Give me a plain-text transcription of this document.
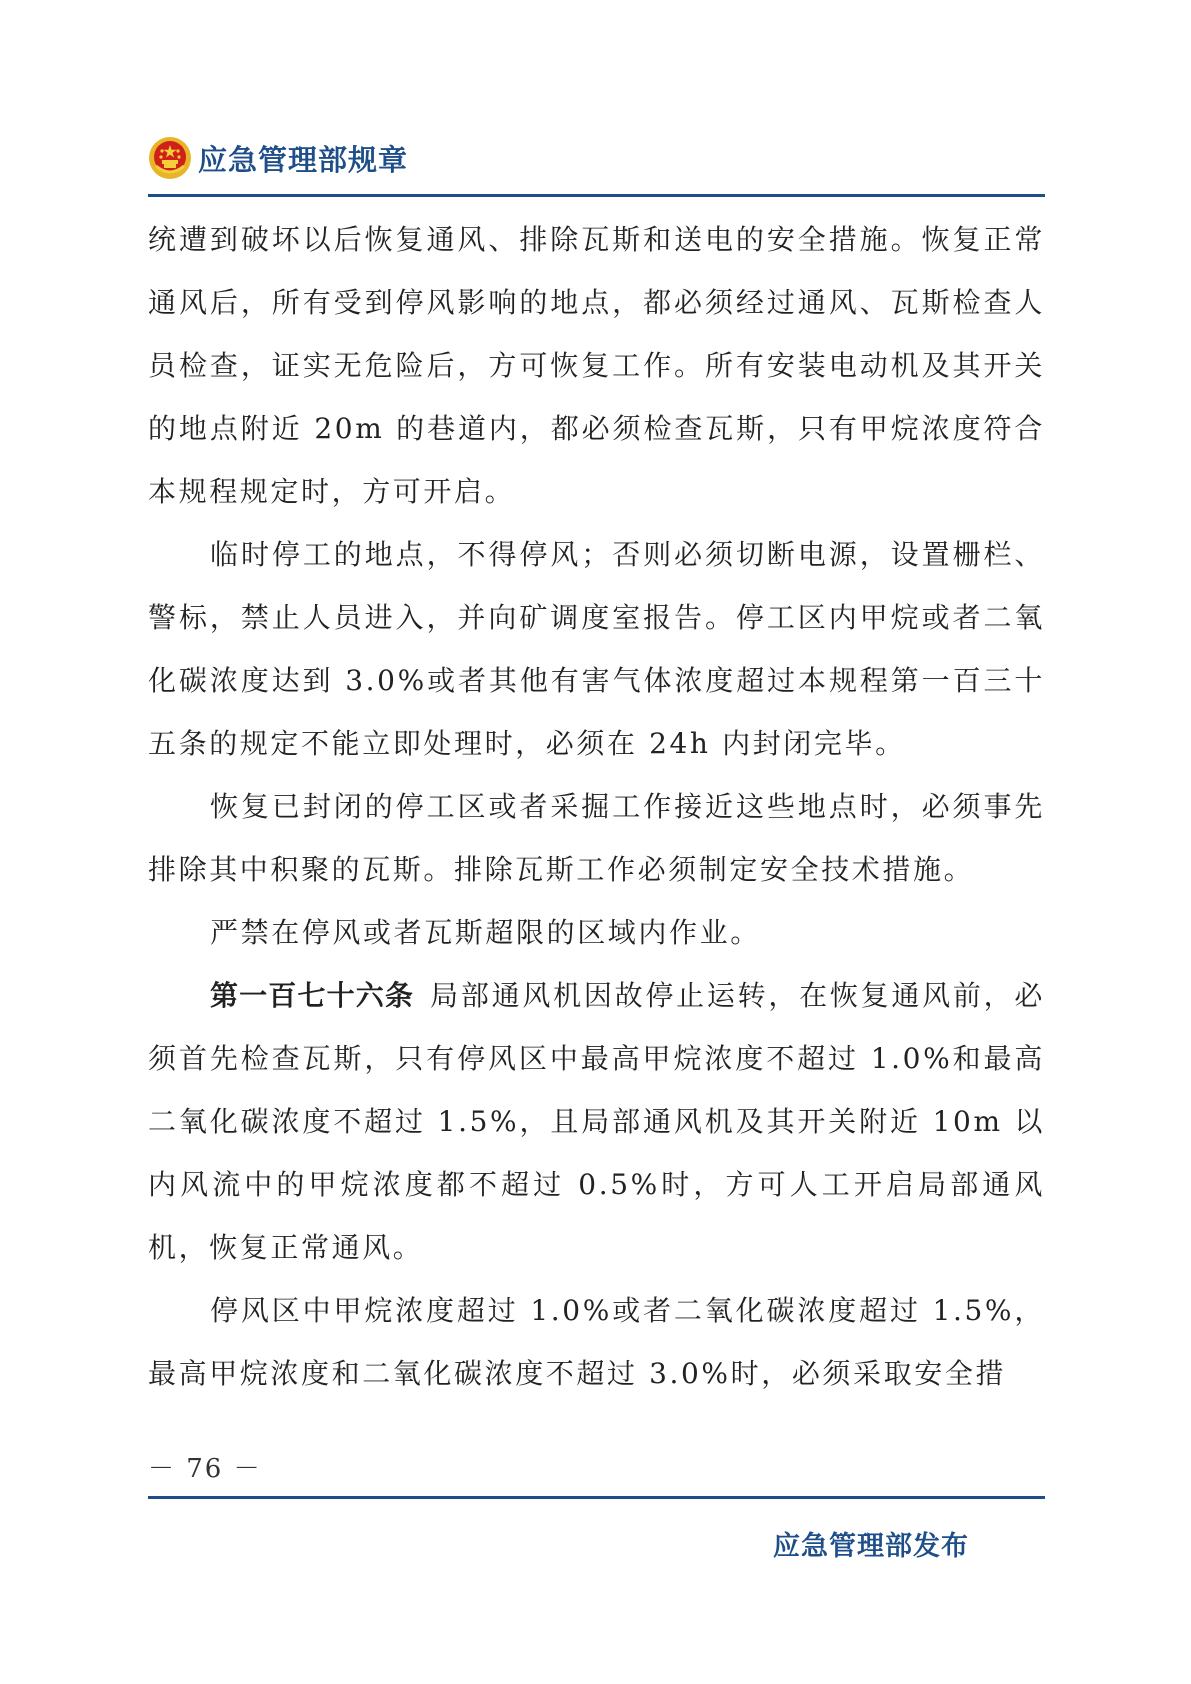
应急管理部规章

统遭到破坏以后恢复通风、排除瓦斯和送电的安全措施。恢复正常通风后，所有受到停风影响的地点，都必须经过通风、瓦斯检查人员检查，证实无危险后，方可恢复工作。所有安装电动机及其开关的地点附近 20m 的巷道内，都必须检查瓦斯，只有甲烷浓度符合本规程规定时，方可开启。

临时停工的地点，不得停风；否则必须切断电源，设置栅栏、警标，禁止人员进入，并向矿调度室报告。停工区内甲烷或者二氧化碳浓度达到 3.0%或者其他有害气体浓度超过本规程第一百三十五条的规定不能立即处理时，必须在 24h 内封闭完毕。

恢复已封闭的停工区或者采掘工作接近这些地点时，必须事先排除其中积聚的瓦斯。排除瓦斯工作必须制定安全技术措施。

严禁在停风或者瓦斯超限的区域内作业。

第一百七十六条 局部通风机因故停止运转，在恢复通风前，必须首先检查瓦斯，只有停风区中最高甲烷浓度不超过 1.0%和最高二氧化碳浓度不超过 1.5%，且局部通风机及其开关附近 10m 以内风流中的甲烷浓度都不超过 0.5%时，方可人工开启局部通风机，恢复正常通风。

停风区中甲烷浓度超过 1.0%或者二氧化碳浓度超过 1.5%，最高甲烷浓度和二氧化碳浓度不超过 3.0%时，必须采取安全措

－ 76 －
应急管理部发布
